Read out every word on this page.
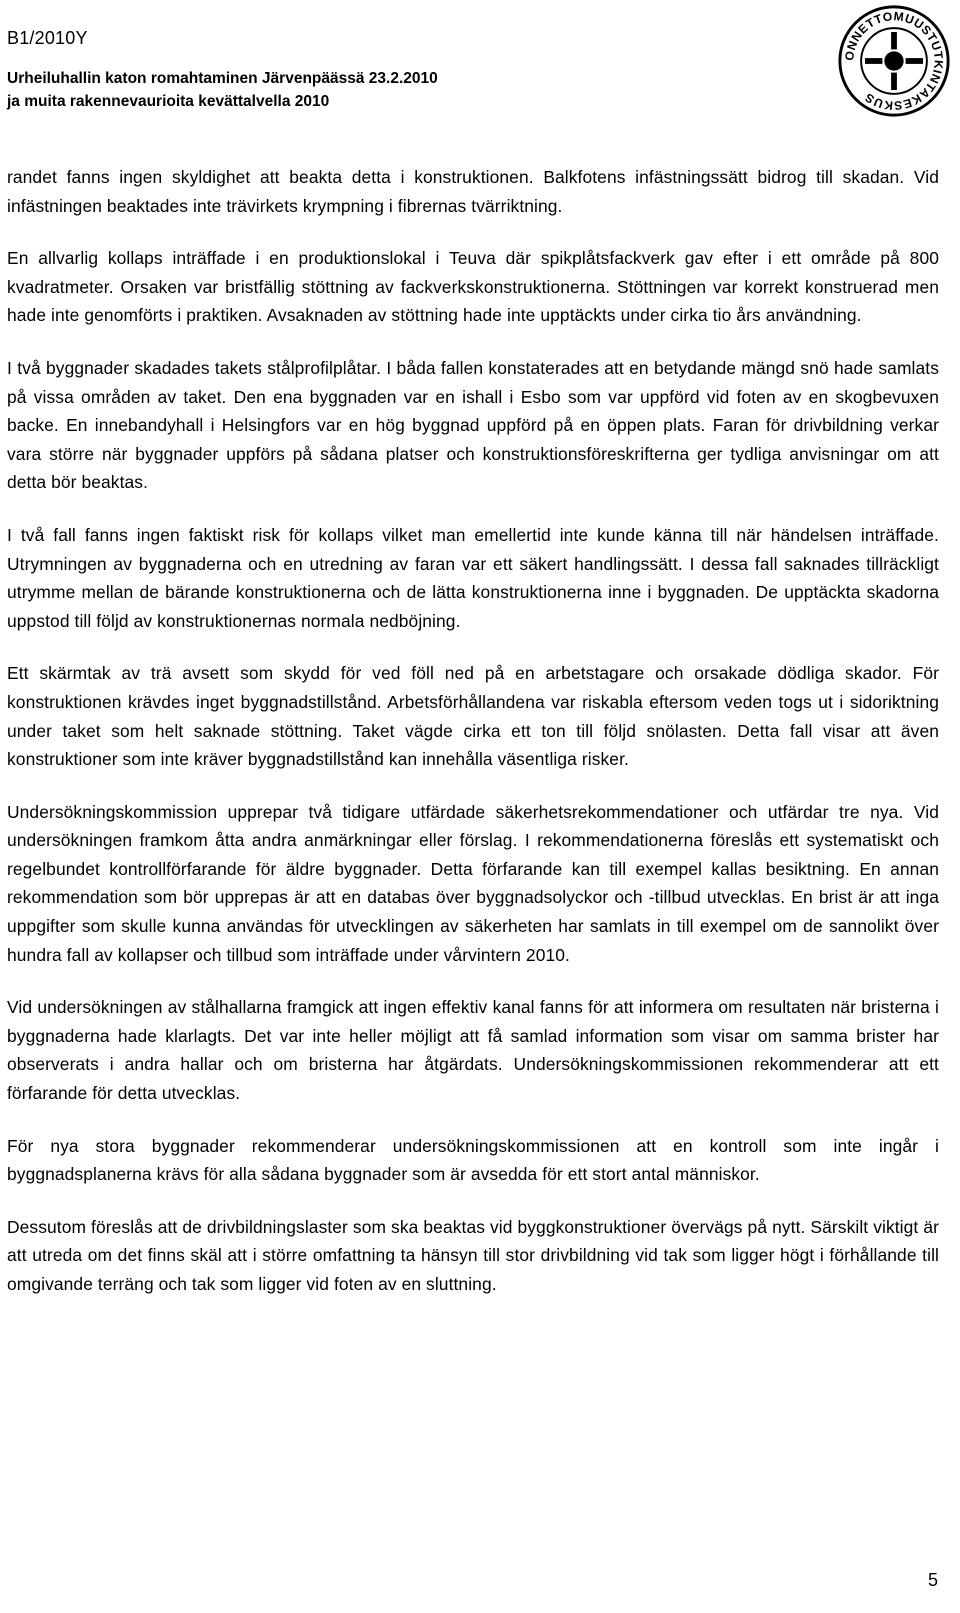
B1/2010Y
Urheiluhallin katon romahtaminen Järvenpäässä 23.2.2010
ja muita rakennevaurioita kevättalvella 2010
ONNETTOMUUSTUTKINTAKESKUS

randet fanns ingen skyldighet att beakta detta i konstruktionen. Balkfotens infästningssätt bidrog till skadan. Vid infästningen beaktades inte trävirkets krympning i fibrernas tvärriktning.

En allvarlig kollaps inträffade i en produktionslokal i Teuva där spikplåtsfackverk gav efter i ett område på 800 kvadratmeter. Orsaken var bristfällig stöttning av fackverkskonstruktionerna. Stöttningen var korrekt konstruerad men hade inte genomförts i praktiken. Avsaknaden av stöttning hade inte upptäckts under cirka tio års användning.

I två byggnader skadades takets stålprofilplåtar. I båda fallen konstaterades att en betydande mängd snö hade samlats på vissa områden av taket. Den ena byggnaden var en ishall i Esbo som var uppförd vid foten av en skogbevuxen backe. En innebandyhall i Helsingfors var en hög byggnad uppförd på en öppen plats. Faran för drivbildning verkar vara större när byggnader uppförs på sådana platser och konstruktionsföreskrifterna ger tydliga anvisningar om att detta bör beaktas.

I två fall fanns ingen faktiskt risk för kollaps vilket man emellertid inte kunde känna till när händelsen inträffade. Utrymningen av byggnaderna och en utredning av faran var ett säkert handlingssätt. I dessa fall saknades tillräckligt utrymme mellan de bärande konstruktionerna och de lätta konstruktionerna inne i byggnaden. De upptäckta skadorna uppstod till följd av konstruktionernas normala nedböjning.

Ett skärmtak av trä avsett som skydd för ved föll ned på en arbetstagare och orsakade dödliga skador. För konstruktionen krävdes inget byggnadstillstånd. Arbetsförhållandena var riskabla eftersom veden togs ut i sidoriktning under taket som helt saknade stöttning. Taket vägde cirka ett ton till följd snölasten. Detta fall visar att även konstruktioner som inte kräver byggnadstillstånd kan innehålla väsentliga risker.

Undersökningskommission upprepar två tidigare utfärdade säkerhetsrekommendationer och utfärdar tre nya. Vid undersökningen framkom åtta andra anmärkningar eller förslag. I rekommendationerna föreslås ett systematiskt och regelbundet kontrollförfarande för äldre byggnader. Detta förfarande kan till exempel kallas besiktning. En annan rekommendation som bör upprepas är att en databas över byggnadsolyckor och -tillbud utvecklas. En brist är att inga uppgifter som skulle kunna användas för utvecklingen av säkerheten har samlats in till exempel om de sannolikt över hundra fall av kollapser och tillbud som inträffade under vårvintern 2010.

Vid undersökningen av stålhallarna framgick att ingen effektiv kanal fanns för att informera om resultaten när bristerna i byggnaderna hade klarlagts. Det var inte heller möjligt att få samlad information som visar om samma brister har observerats i andra hallar och om bristerna har åtgärdats. Undersökningskommissionen rekommenderar att ett förfarande för detta utvecklas.

För nya stora byggnader rekommenderar undersökningskommissionen att en kontroll som inte ingår i byggnadsplanerna krävs för alla sådana byggnader som är avsedda för ett stort antal människor.

Dessutom föreslås att de drivbildningslaster som ska beaktas vid byggkonstruktioner övervägs på nytt. Särskilt viktigt är att utreda om det finns skäl att i större omfattning ta hänsyn till stor drivbildning vid tak som ligger högt i förhållande till omgivande terräng och tak som ligger vid foten av en sluttning.

5
